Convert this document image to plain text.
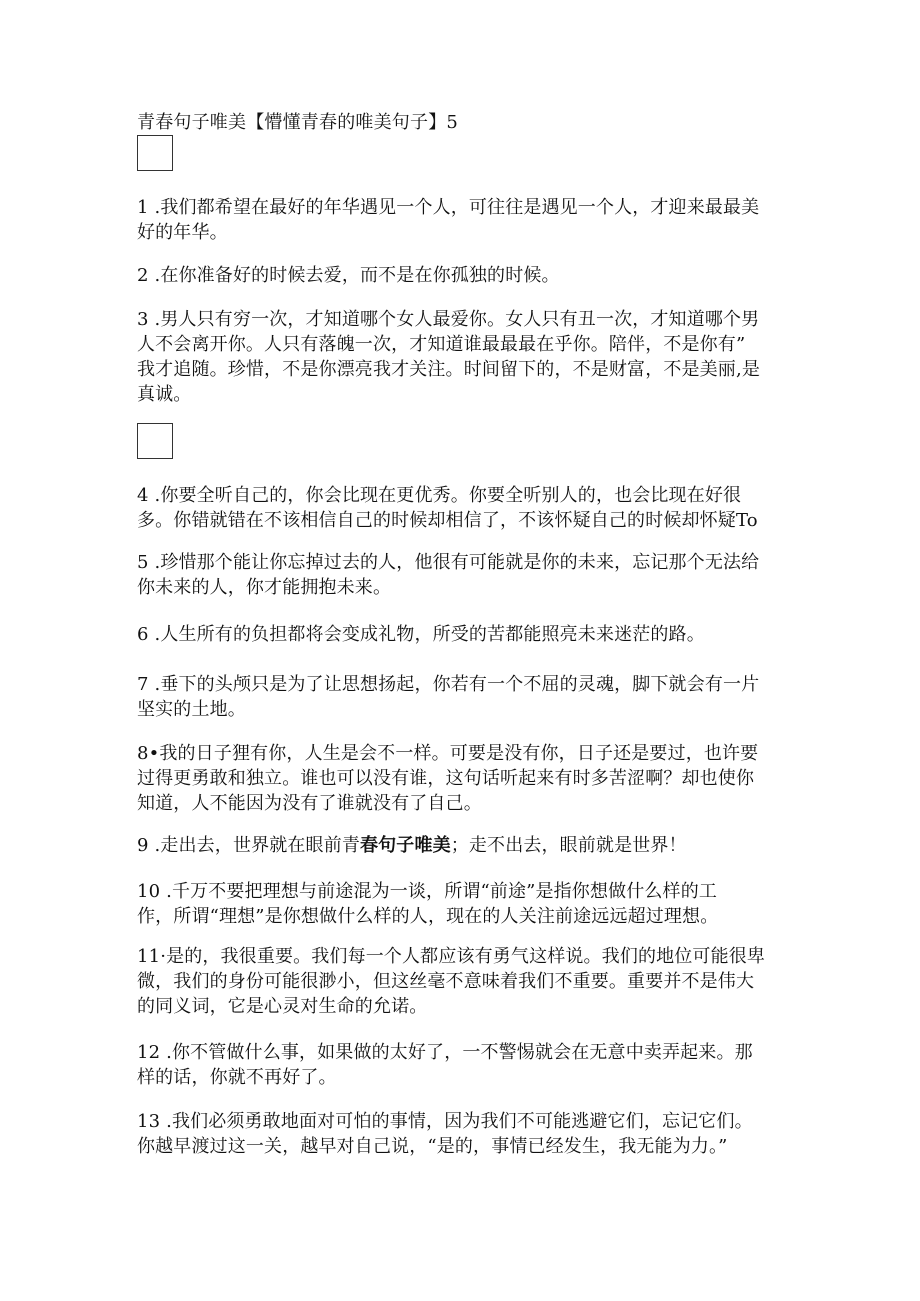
青春句子唯美【懵懂青春的唯美句子】5
1 .我们都希望在最好的年华遇见一个人，可往往是遇见一个人，才迎来最最美
好的年华。
2 .在你准备好的时候去爱，而不是在你孤独的时候。
3 .男人只有穷一次，才知道哪个女人最爱你。女人只有丑一次，才知道哪个男
人不会离开你。人只有落魄一次，才知道谁最最最在乎你。陪伴，不是你有”
我才追随。珍惜，不是你漂亮我才关注。时间留下的，不是财富，不是美丽,是
真诚。
4 .你要全听自己的，你会比现在更优秀。你要全听别人的，也会比现在好很
多。你错就错在不该相信自己的时候却相信了，不该怀疑自己的时候却怀疑To
5 .珍惜那个能让你忘掉过去的人，他很有可能就是你的未来，忘记那个无法给
你未来的人，你才能拥抱未来。
6 .人生所有的负担都将会变成礼物，所受的苦都能照亮未来迷茫的路。
7 .垂下的头颅只是为了让思想扬起，你若有一个不屈的灵魂，脚下就会有一片
坚实的土地。
8•我的日子狸有你，人生是会不一样。可要是没有你，日子还是要过，也许要
过得更勇敢和独立。谁也可以没有谁，这句话听起来有时多苦涩啊？却也使你
知道，人不能因为没有了谁就没有了自己。
9 .走出去，世界就在眼前青春句子唯美；走不出去，眼前就是世界！
10 .千万不要把理想与前途混为一谈，所谓“前途”是指你想做什么样的工
作，所谓“理想”是你想做什么样的人，现在的人关注前途远远超过理想。
11·是的，我很重要。我们每一个人都应该有勇气这样说。我们的地位可能很卑
微，我们的身份可能很渺小，但这丝毫不意味着我们不重要。重要并不是伟大
的同义词，它是心灵对生命的允诺。
12 .你不管做什么事，如果做的太好了，一不警惕就会在无意中卖弄起来。那
样的话，你就不再好了。
13 .我们必须勇敢地面对可怕的事情，因为我们不可能逃避它们，忘记它们。
你越早渡过这一关，越早对自己说，“是的，事情已经发生，我无能为力。”
